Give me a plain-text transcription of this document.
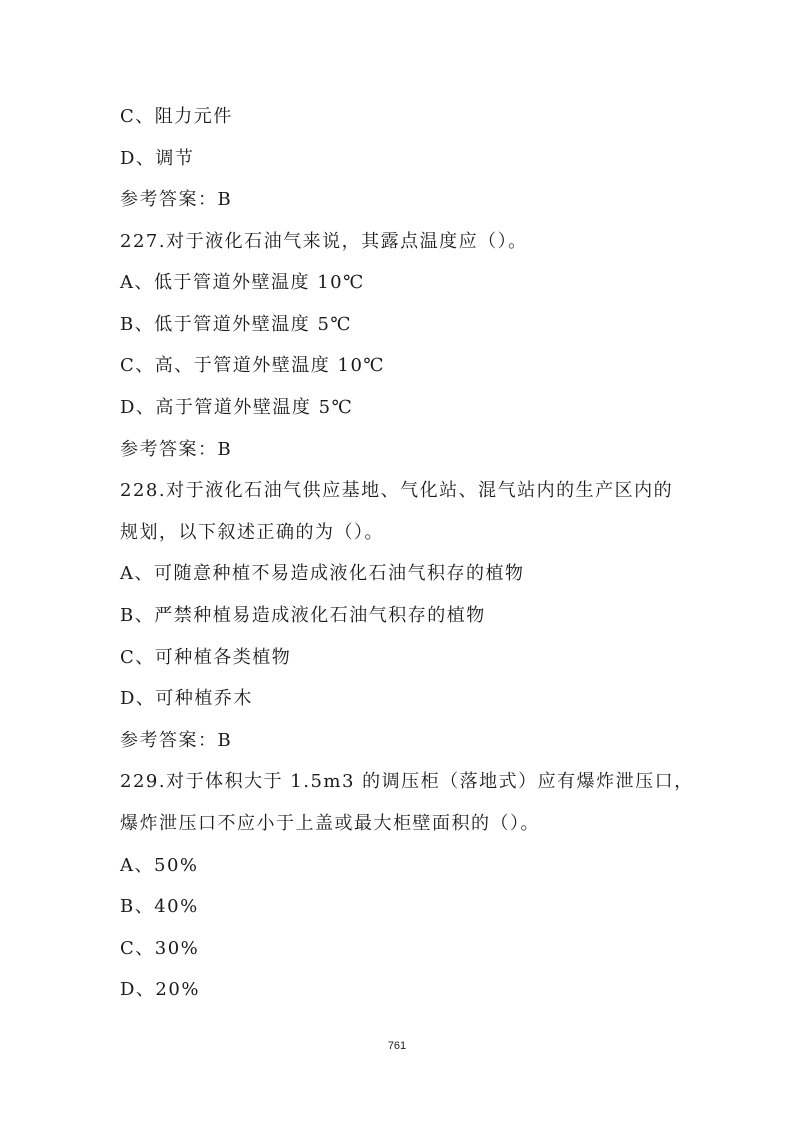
C、阻力元件
D、调节
参考答案：B
227.对于液化石油气来说，其露点温度应（）。
A、低于管道外壁温度 10℃
B、低于管道外壁温度 5℃
C、高、于管道外壁温度 10℃
D、高于管道外壁温度 5℃
参考答案：B
228.对于液化石油气供应基地、气化站、混气站内的生产区内的
规划，以下叙述正确的为（）。
A、可随意种植不易造成液化石油气积存的植物
B、严禁种植易造成液化石油气积存的植物
C、可种植各类植物
D、可种植乔木
参考答案：B
229.对于体积大于 1.5m3 的调压柜（落地式）应有爆炸泄压口，
爆炸泄压口不应小于上盖或最大柜壁面积的（）。
A、50%
B、40%
C、30%
D、20%
761
